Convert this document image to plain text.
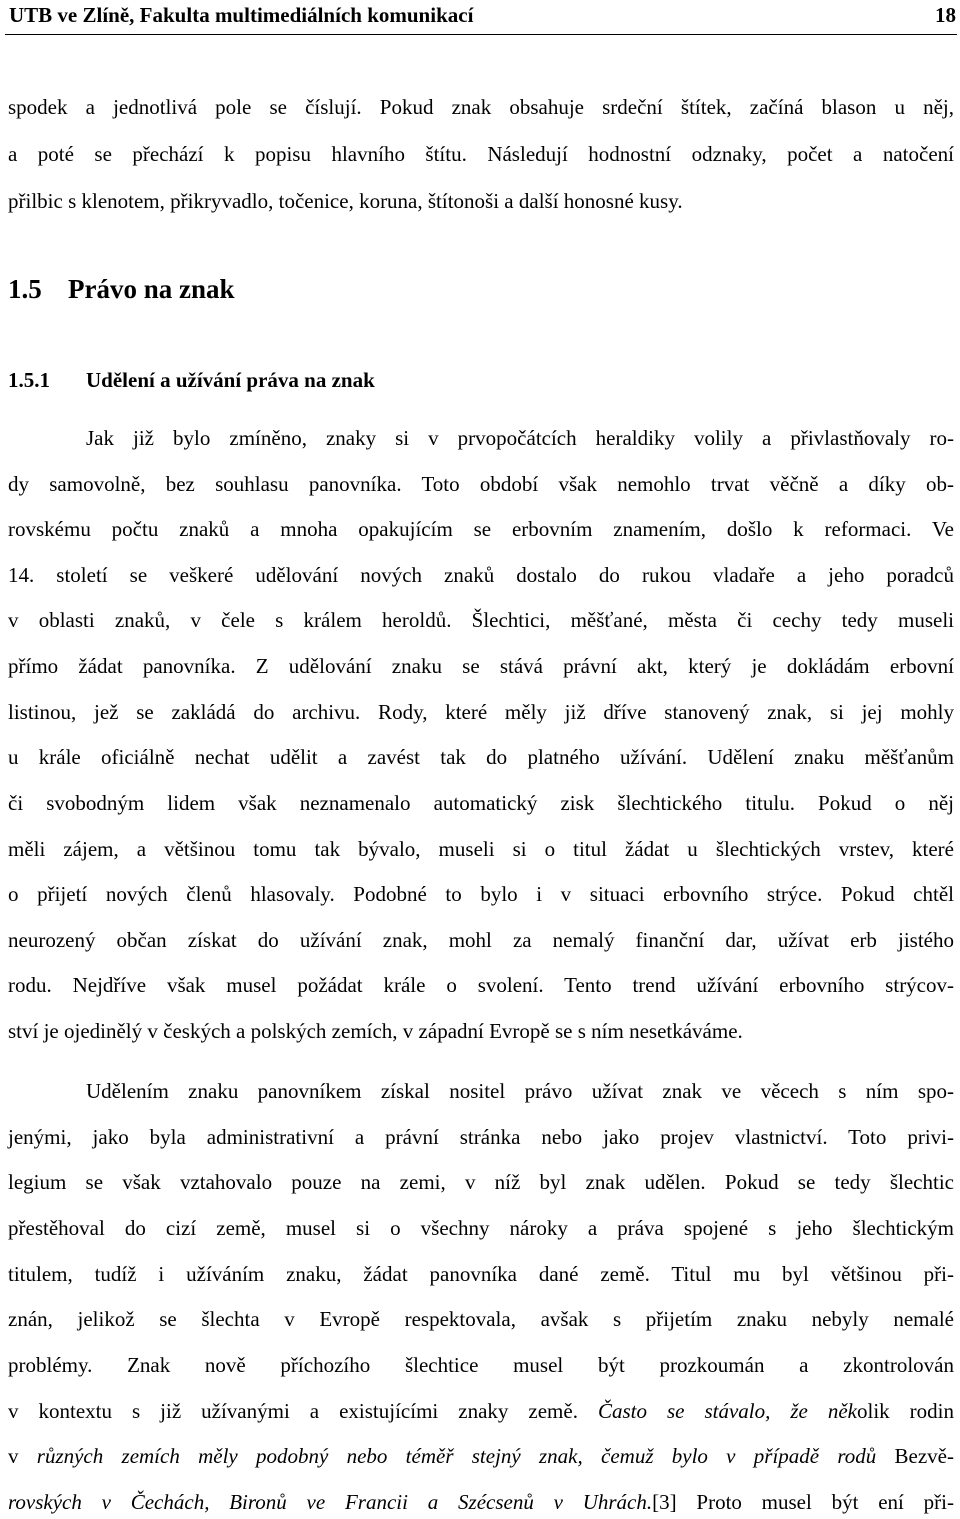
UTB ve Zlíně, Fakulta multimediálních komunikací	18
spodek a jednotlivá pole se číslují. Pokud znak obsahuje srdeční štítek, začíná blason u něj,
a poté se přechází k popisu hlavního štítu. Následují hodnostní odznaky, počet a natočení
přilbic s klenotem, přikryvadlo, točenice, koruna, štítonoši a další honosné kusy.
1.5 Právo na znak
1.5.1 Udělení a užívání práva na znak
Jak již bylo zmíněno, znaky si v prvopočátcích heraldiky volily a přivlastňovaly ro-
dy samovolně, bez souhlasu panovníka. Toto období však nemohlo trvat věčně a díky ob-
rovskému počtu znaků a mnoha opakujícím se erbovním znamením, došlo k reformaci. Ve
14. století se veškeré udělování nových znaků dostalo do rukou vladaře a jeho poradců
v oblasti znaků, v čele s králem heroldů. Šlechtici, měšťané, města či cechy tedy museli
přímo žádat panovníka. Z udělování znaku se stává právní akt, který je dokládám erbovní
listinou, jež se zakládá do archivu. Rody, které měly již dříve stanovený znak, si jej mohly
u krále oficiálně nechat udělit a zavést tak do platného užívání. Udělení znaku měšťanům
či svobodným lidem však neznamenalo automatický zisk šlechtického titulu. Pokud o něj
měli zájem, a většinou tomu tak bývalo, museli si o titul žádat u šlechtických vrstev, které
o přijetí nových členů hlasovaly. Podobné to bylo i v situaci erbovního strýce. Pokud chtěl
neurozený občan získat do užívání znak, mohl za nemalý finanční dar, užívat erb jistého
rodu. Nejdříve však musel požádat krále o svolení. Tento trend užívání erbovního strýcov-
ství je ojedinělý v českých a polských zemích, v západní Evropě se s ním nesetkáváme.
Udělením znaku panovníkem získal nositel právo užívat znak ve věcech s ním spo-
jenými, jako byla administrativní a právní stránka nebo jako projev vlastnictví. Toto privi-
legium se však vztahovalo pouze na zemi, v níž byl znak udělen. Pokud se tedy šlechtic
přestěhoval do cizí země, musel si o všechny nároky a práva spojené s jeho šlechtickým
titulem, tudíž i užíváním znaku, žádat panovníka dané země. Titul mu byl většinou při-
znán, jelikož se šlechta v Evropě respektovala, avšak s přijetím znaku nebyly nemalé
problémy. Znak nově příchozího šlechtice musel být prozkoumán a zkontrolován
v kontextu s již užívanými a existujícími znaky země. Často se stávalo, že několik rodin
v různých zemích měly podobný nebo téměř stejný znak, čemuž bylo v případě rodů Bezvě-
rovských v Čechách, Bironů ve Francii a Szécsenů v Uhrách.[3] Proto musel být ení při-
